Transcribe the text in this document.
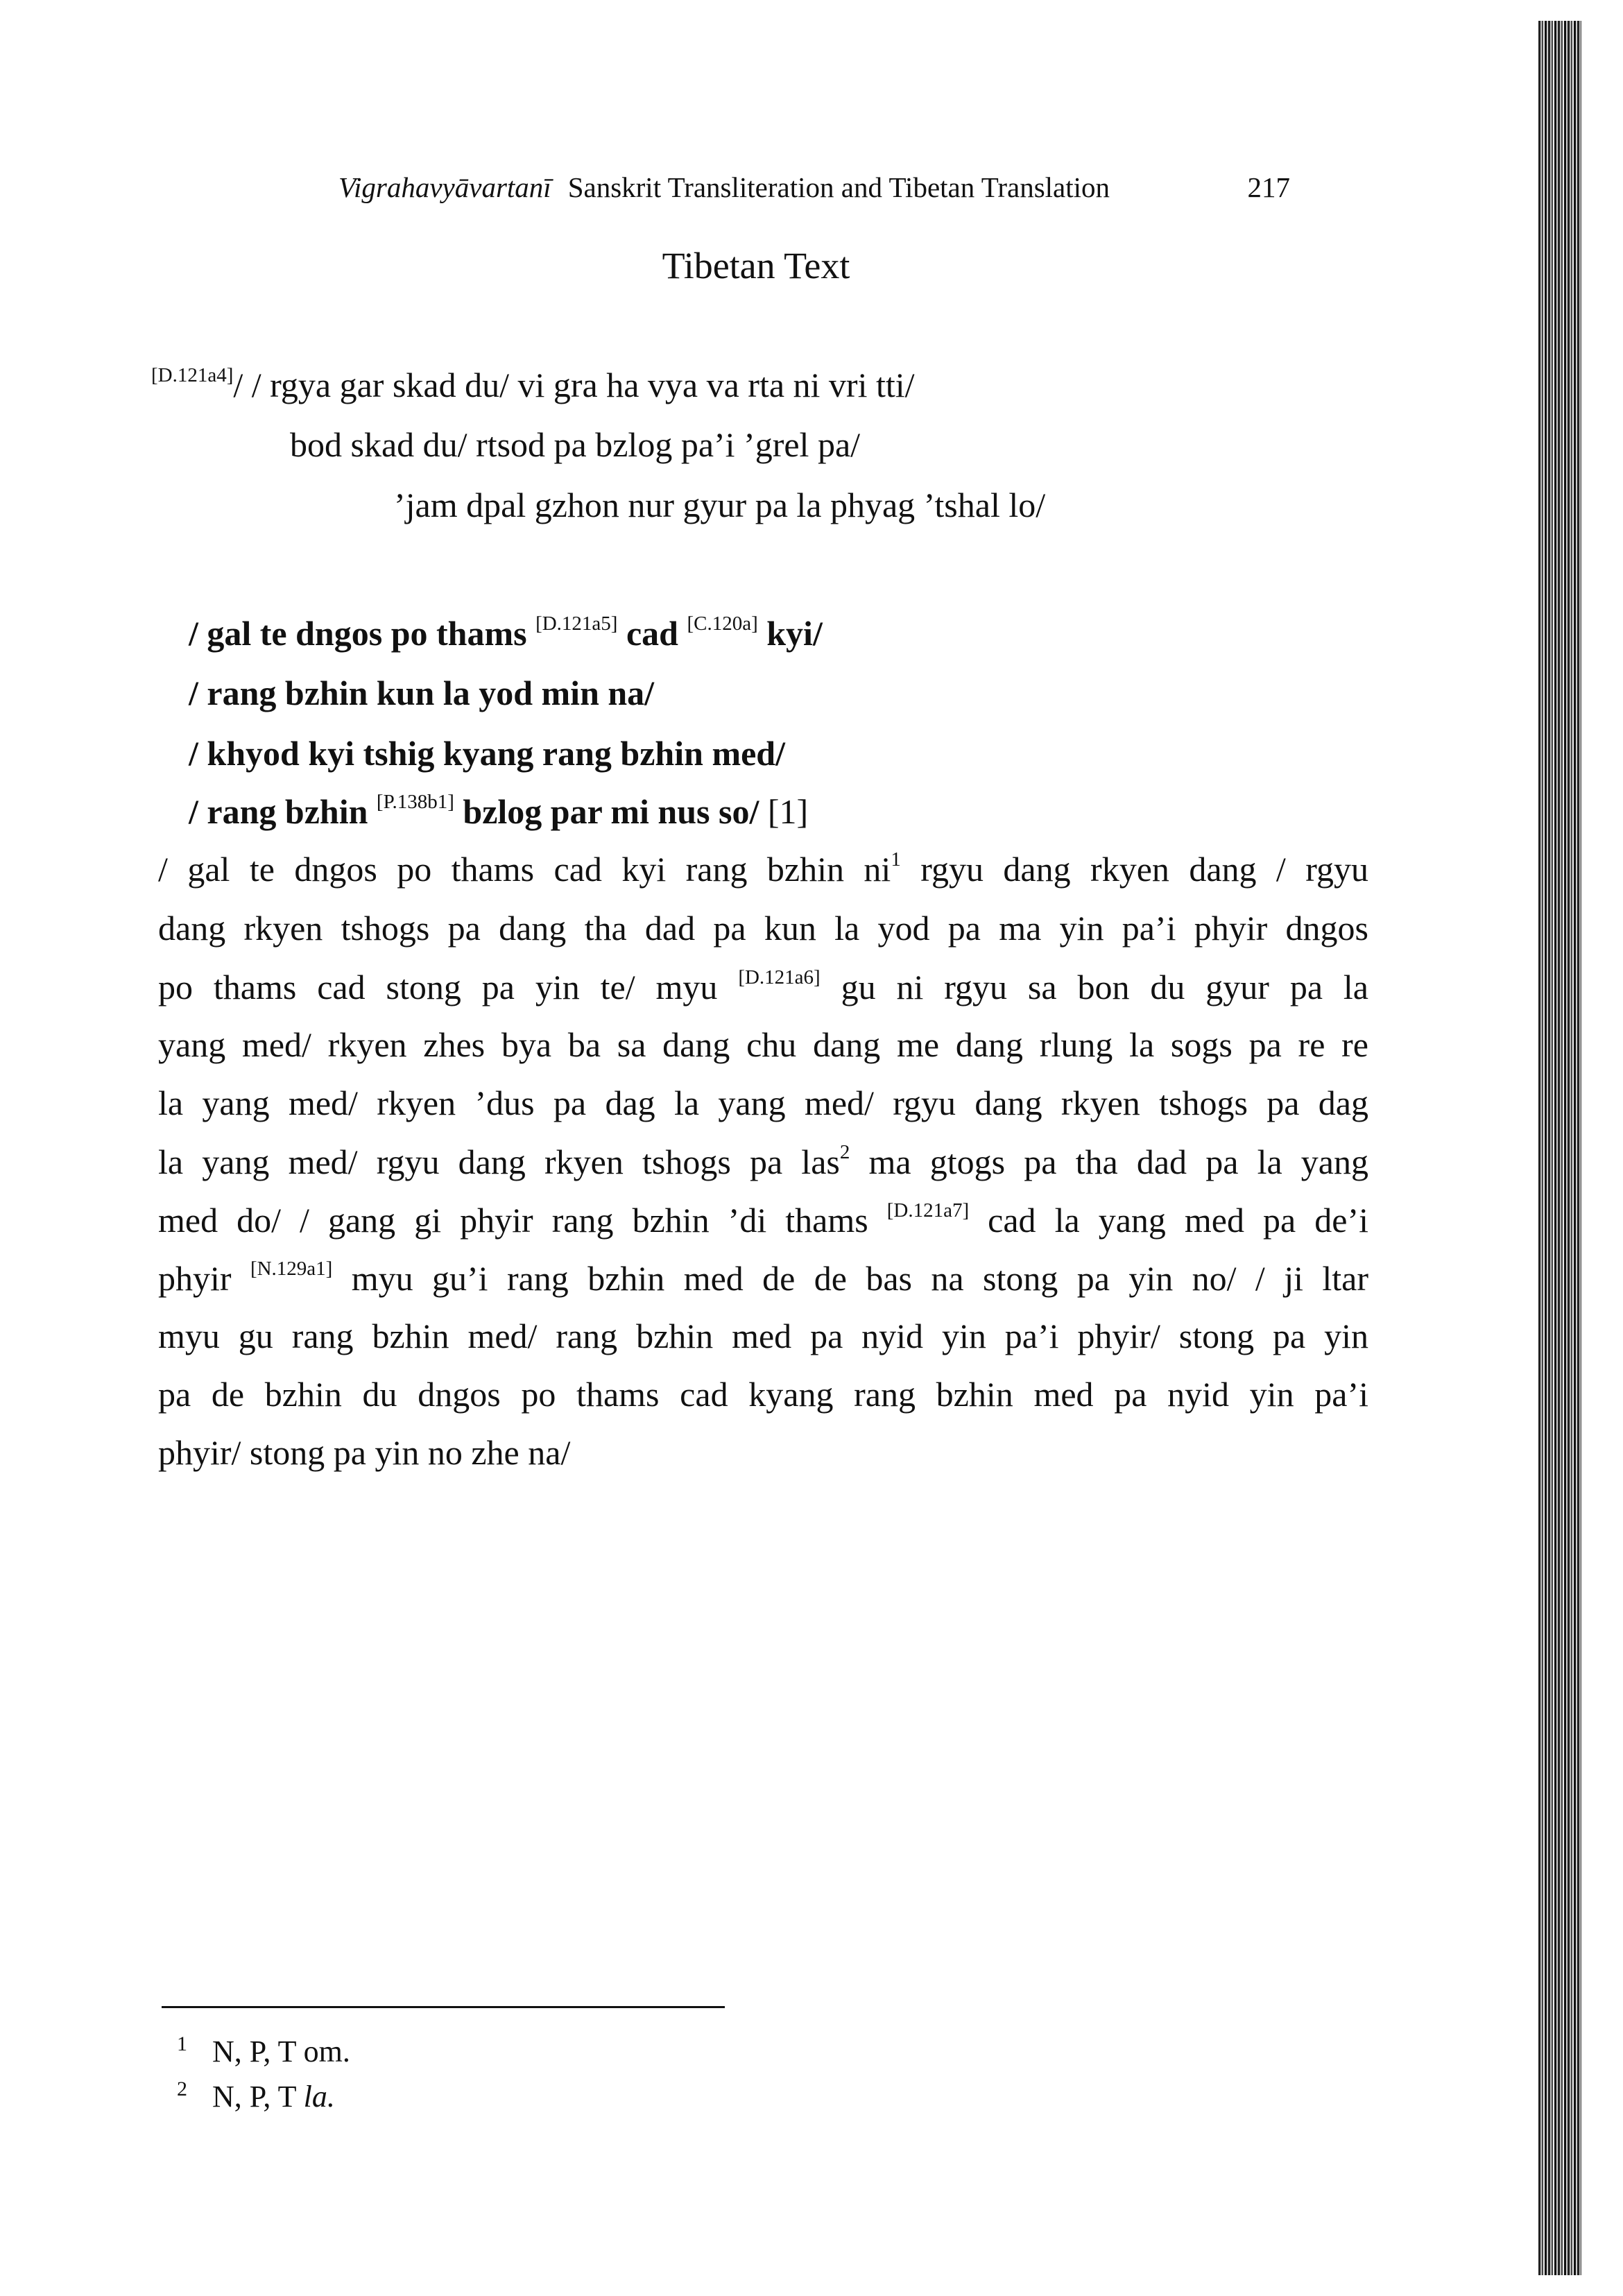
Vigrahavyāvartanī Sanskrit Transliteration and Tibetan Translation	217
Tibetan Text
[D.121a4]/ / rgya gar skad du/ vi gra ha vya va rta ni vri tti/
bod skad du/ rtsod pa bzlog pa’i ’grel pa/
’jam dpal gzhon nur gyur pa la phyag ’tshal lo/
/ gal te dngos po thams [D.121a5] cad [C.120a] kyi/
/ rang bzhin kun la yod min na/
/ khyod kyi tshig kyang rang bzhin med/
/ rang bzhin [P.138b1] bzlog par mi nus so/ [1]
/ gal te dngos po thams cad kyi rang bzhin $ni^1$ rgyu dang rkyen dang / rgyu
dang rkyen tshogs pa dang tha dad pa kun la yod pa ma yin pa’i phyir dngos
po thams cad stong pa yin te/ myu [D.121a6] gu ni rgyu sa bon du gyur pa la
yang med/ rkyen zhes bya ba sa dang chu dang me dang rlung la sogs pa re re
la yang med/ rkyen ’dus pa dag la yang med/ rgyu dang rkyen tshogs pa dag
la yang med/ rgyu dang rkyen tshogs pa las$^2$ ma gtogs pa tha dad pa la yang
med do/ / gang gi phyir rang bzhin ’di thams [D.121a7] cad la yang med pa de’i
phyir [N.129a1] myu gu’i rang bzhin med de de bas na stong pa yin no/ / ji ltar
myu gu rang bzhin med/ rang bzhin med pa nyid yin pa’i phyir/ stong pa yin
pa de bzhin du dngos po thams cad kyang rang bzhin med pa nyid yin pa’i
phyir/ stong pa yin no zhe na/
$^1$ N, P, T om.
$^2$ N, P, T la.
